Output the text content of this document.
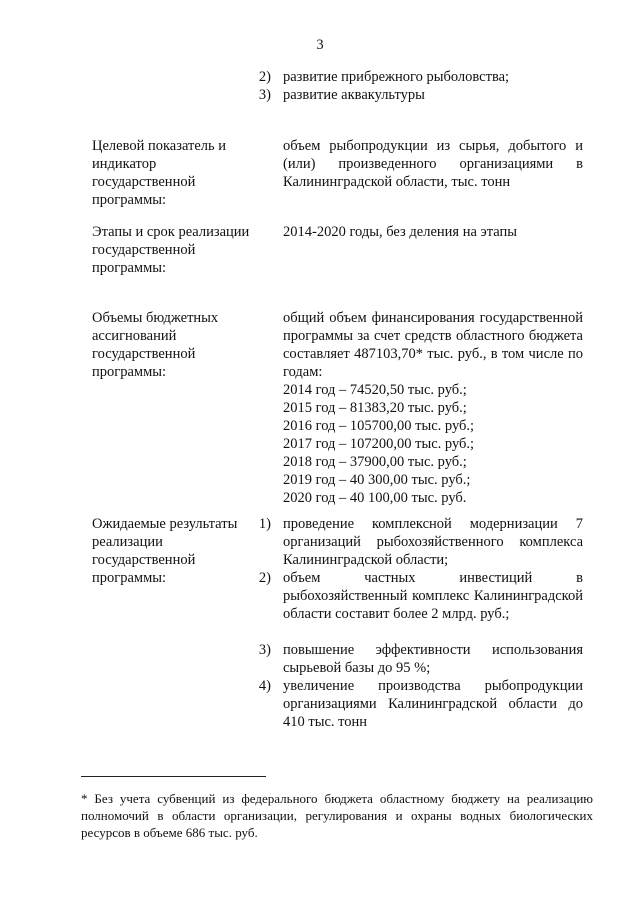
3
2) развитие прибрежного рыболовства;
3) развитие аквакультуры
Целевой показатель и индикатор государственной программы:
объем рыбопродукции из сырья, добытого и (или) произведенного организациями в Калининградской области, тыс. тонн
Этапы и срок реализации государственной программы:
2014-2020 годы, без деления на этапы
Объемы бюджетных ассигнований государственной программы:
общий объем финансирования государственной программы за счет средств областного бюджета составляет 487103,70* тыс. руб., в том числе по годам:
2014 год – 74520,50 тыс. руб.;
2015 год – 81383,20 тыс. руб.;
2016 год – 105700,00 тыс. руб.;
2017 год – 107200,00 тыс. руб.;
2018 год – 37900,00 тыс. руб.;
2019 год – 40 300,00 тыс. руб.;
2020 год – 40 100,00 тыс. руб.
Ожидаемые результаты реализации государственной программы:
1) проведение комплексной модернизации 7 организаций рыбохозяйственного комплекса Калининградской области;
2) объем частных инвестиций в рыбохозяйственный комплекс Калининградской области составит более 2 млрд. руб.;
3) повышение эффективности использования сырьевой базы до 95 %;
4) увеличение производства рыбопродукции организациями Калининградской области до 410 тыс. тонн
* Без учета субвенций из федерального бюджета областному бюджету на реализацию полномочий в области организации, регулирования и охраны водных биологических ресурсов в объеме 686 тыс. руб.
